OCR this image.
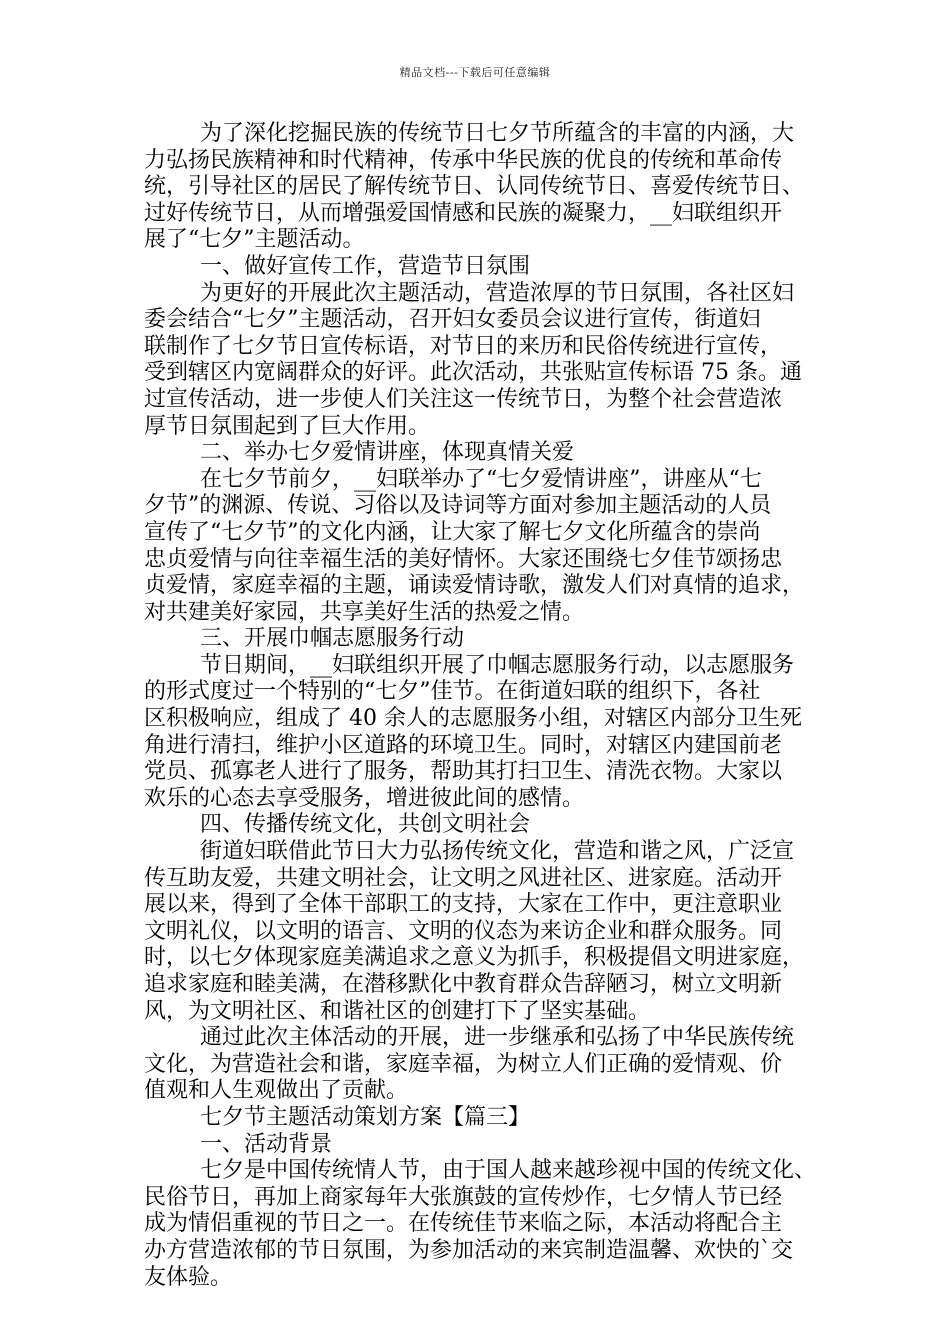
精品文档---下载后可任意编辑
为了深化挖掘民族的传统节日七夕节所蕴含的丰富的内涵，大
力弘扬民族精神和时代精神，传承中华民族的优良的传统和革命传
统，引导社区的居民了解传统节日、认同传统节日、喜爱传统节日、
过好传统节日，从而增强爱国情感和民族的凝聚力，__妇联组织开
展了“七夕”主题活动。
一、做好宣传工作，营造节日氛围
为更好的开展此次主题活动，营造浓厚的节日氛围，各社区妇
委会结合“七夕”主题活动，召开妇女委员会议进行宣传，街道妇
联制作了七夕节日宣传标语，对节日的来历和民俗传统进行宣传，
受到辖区内宽阔群众的好评。此次活动，共张贴宣传标语 75 条。通
过宣传活动，进一步使人们关注这一传统节日，为整个社会营造浓
厚节日氛围起到了巨大作用。
二、举办七夕爱情讲座，体现真情关爱
在七夕节前夕，__妇联举办了“七夕爱情讲座”，讲座从“七
夕节”的渊源、传说、习俗以及诗词等方面对参加主题活动的人员
宣传了“七夕节”的文化内涵，让大家了解七夕文化所蕴含的崇尚
忠贞爱情与向往幸福生活的美好情怀。大家还围绕七夕佳节颂扬忠
贞爱情，家庭幸福的主题，诵读爱情诗歌，激发人们对真情的追求，
对共建美好家园，共享美好生活的热爱之情。
三、开展巾帼志愿服务行动
节日期间，__妇联组织开展了巾帼志愿服务行动，以志愿服务
的形式度过一个特别的“七夕”佳节。在街道妇联的组织下，各社
区积极响应，组成了 40 余人的志愿服务小组，对辖区内部分卫生死
角进行清扫，维护小区道路的环境卫生。同时，对辖区内建国前老
党员、孤寡老人进行了服务，帮助其打扫卫生、清洗衣物。大家以
欢乐的心态去享受服务，增进彼此间的感情。
四、传播传统文化，共创文明社会
街道妇联借此节日大力弘扬传统文化，营造和谐之风，广泛宣
传互助友爱，共建文明社会，让文明之风进社区、进家庭。活动开
展以来，得到了全体干部职工的支持，大家在工作中，更注意职业
文明礼仪，以文明的语言、文明的仪态为来访企业和群众服务。同
时，以七夕体现家庭美满追求之意义为抓手，积极提倡文明进家庭，
追求家庭和睦美满，在潜移默化中教育群众告辞陋习，树立文明新
风，为文明社区、和谐社区的创建打下了坚实基础。
通过此次主体活动的开展，进一步继承和弘扬了中华民族传统
文化，为营造社会和谐，家庭幸福，为树立人们正确的爱情观、价
值观和人生观做出了贡献。
七夕节主题活动策划方案【篇三】
一、活动背景
七夕是中国传统情人节，由于国人越来越珍视中国的传统文化、
民俗节日，再加上商家每年大张旗鼓的宣传炒作，七夕情人节已经
成为情侣重视的节日之一。在传统佳节来临之际，本活动将配合主
办方营造浓郁的节日氛围，为参加活动的来宾制造温馨、欢快的`交
友体验。
